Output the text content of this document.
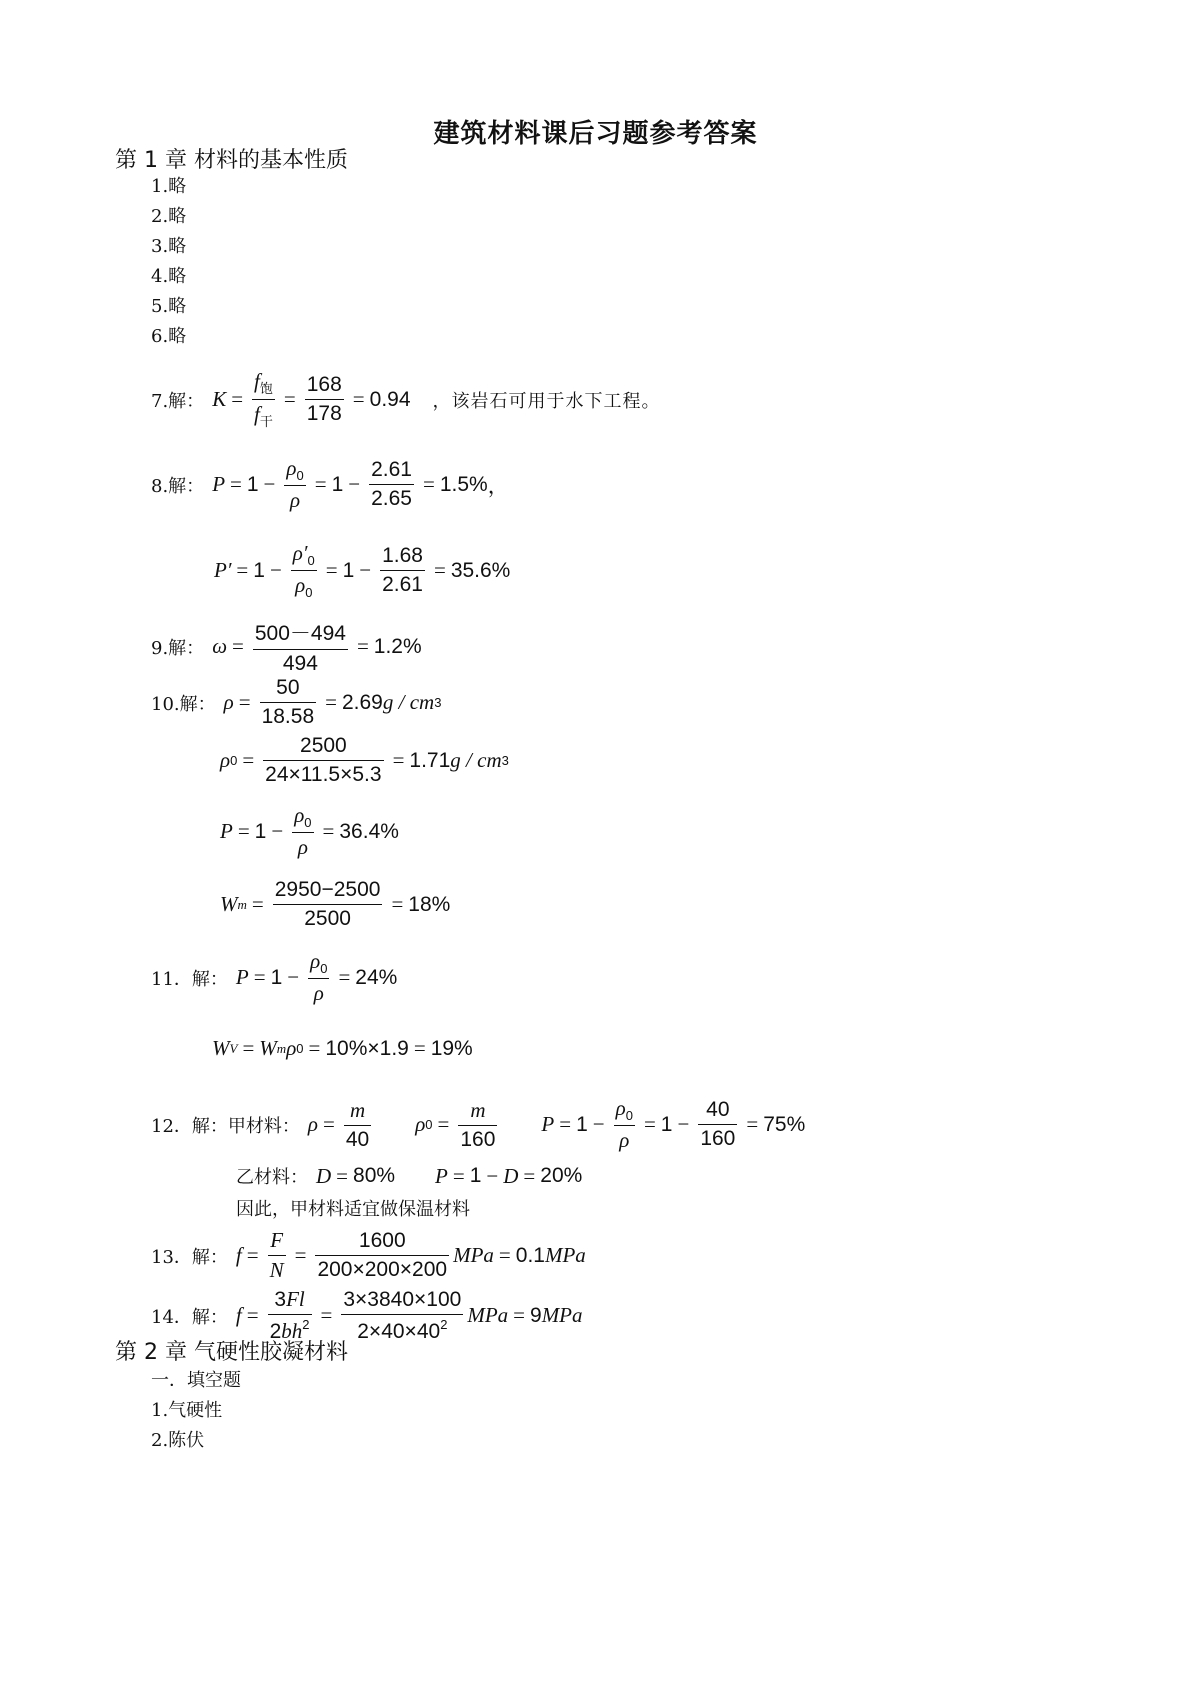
建筑材料课后习题参考答案
第 1 章 材料的基本性质
1.略
2.略
3.略
4.略
5.略
6.略
7.解： $K = \frac{f_饱}{f_干} = \frac{168}{178} = 0.94$ ，该岩石可用于水下工程。
8.解： $P = 1 - \frac{\rho_0}{\rho} = 1 - \frac{2.61}{2.65} = 1.5\%$ ，
$P' = 1 - \frac{\rho'_0}{\rho_0} = 1 - \frac{1.68}{2.61} = 35.6\%$
9.解： $\omega = \frac{500-494}{494} = 1.2\%$
10.解： $\rho = \frac{50}{18.58} = 2.69$ g / cm 3
ρ $0 = \frac{2500}{24\times 11.5\times 5.3} = 1.71$ g / cm 3
$P = 1 - \frac{\rho_0}{\rho} = 36.4\%$
W $m = \frac{2950-2500}{2500} = 18\%$
11．解： $P = 1 - \frac{\rho_0}{\rho} = 24\%$
W V = W m ρ 0 = 10%×1.9 = 19%
12．解：甲材料： $\rho = \frac{m}{40}$ ρ $0 = \frac{m}{160}$ $P = 1 - \frac{\rho_0}{\rho} = 1 - \frac{40}{160} = 75\%$
乙材料： D = 80% P = 1 − D = 20%
因此，甲材料适宜做保温材料
13．解： $f = \frac{F}{N} = \frac{1600}{200\times 200\times 200}$ MPa = 0.1 MPa
14．解： $f = \frac{3Fl}{2bh^2} = \frac{3\times 3840\times 100}{2\times 40\times 40^2}$ MPa = 9 MPa
第 2 章 气硬性胶凝材料
一．填空题
1.气硬性
2.陈伏
